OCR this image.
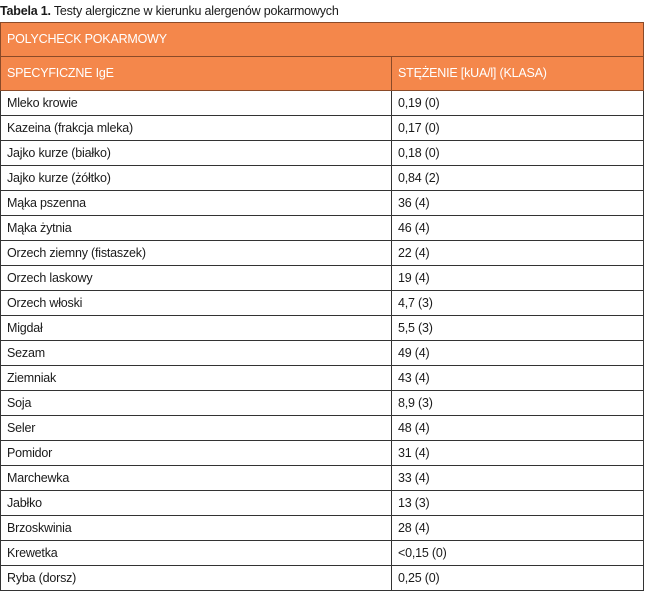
Tabela 1. Testy alergiczne w kierunku alergenów pokarmowych
POLYCHECK POKARMOWY	
SPECYFICZNE IgE	STĘŻENIE [kUA/l] (KLASA)
Mleko krowie	0,19 (0)
Kazeina (frakcja mleka)	0,17 (0)
Jajko kurze (białko)	0,18 (0)
Jajko kurze (żółtko)	0,84 (2)
Mąka pszenna	36 (4)
Mąka żytnia	46 (4)
Orzech ziemny (fistaszek)	22 (4)
Orzech laskowy	19 (4)
Orzech włoski	4,7 (3)
Migdał	5,5 (3)
Sezam	49 (4)
Ziemniak	43 (4)
Soja	8,9 (3)
Seler	48 (4)
Pomidor	31 (4)
Marchewka	33 (4)
Jabłko	13 (3)
Brzoskwinia	28 (4)
Krewetka	<0,15 (0)
Ryba (dorsz)	0,25 (0)
